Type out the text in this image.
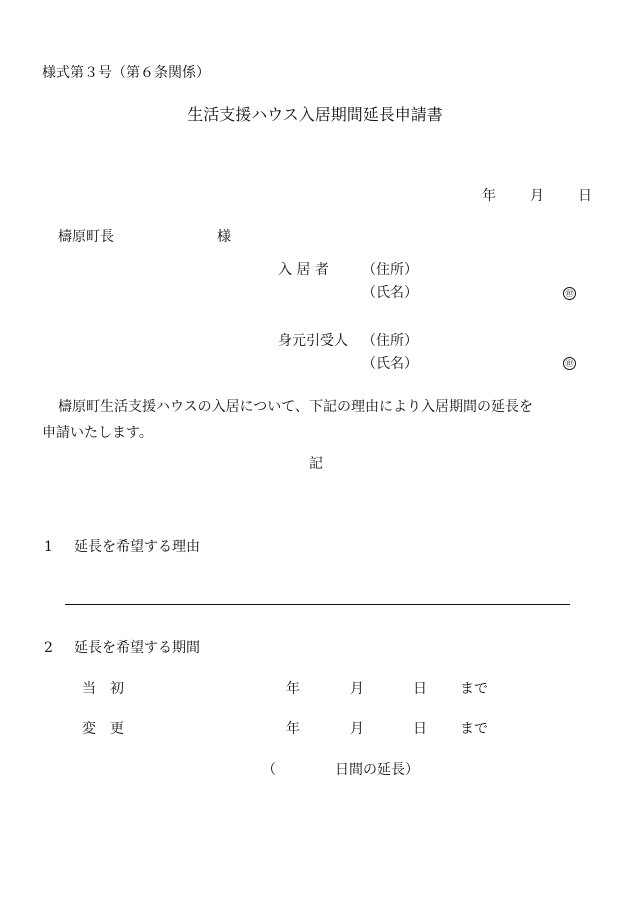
様式第３号（第６条関係）
生活支援ハウス入居期間延長申請書
年 月 日
檮原町長	様
入 居 者 （住所）
（氏名）	㊞
身元引受人 （住所）
（氏名）	㊞
檮原町生活支援ハウスの入居について、下記の理由により入居期間の延長を
申請いたします。
記
1 延長を希望する理由
2 延長を希望する期間
当　初	年	月	日 まで
変　更	年	月	日 まで
（	日間の延長）
